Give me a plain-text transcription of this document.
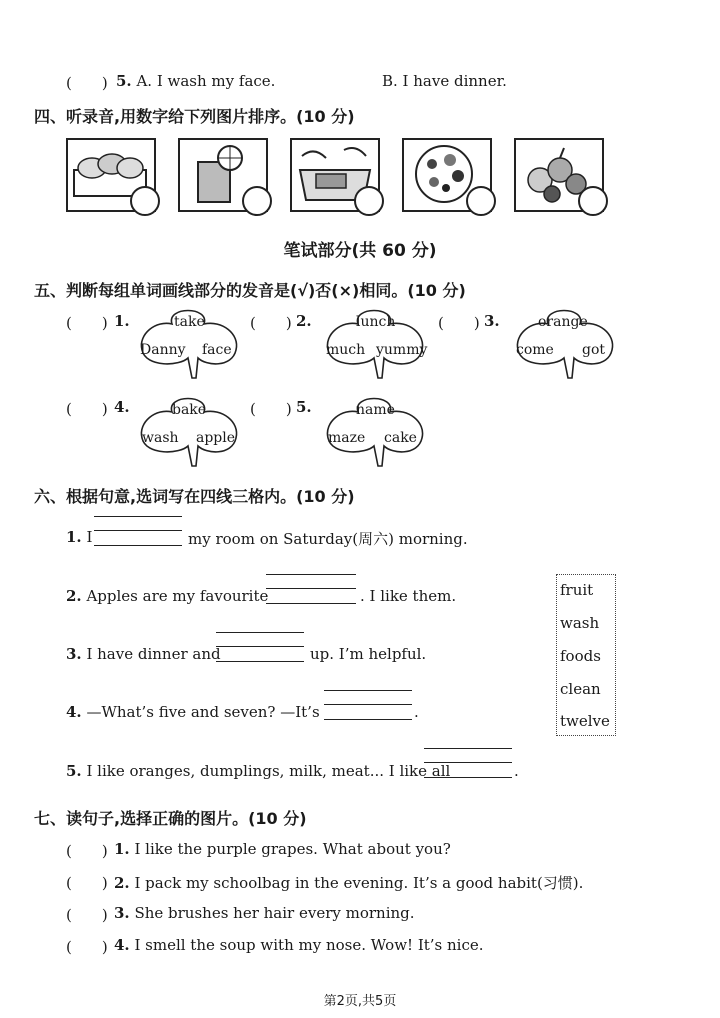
(　　) 5. A. I wash my face.	B. I have dinner.
四、听录音,用数字给下列图片排序。(10 分)
笔试部分(共 60 分)
五、判断每组单词画线部分的发音是(√)否(×)相同。(10 分)
(　　) 1.	take
Danny face
(　　) 2.	lunch
much yummy
(　　) 3.	orange
come got
(　　) 4.	bake
wash apple
(　　) 5.	name
maze cake
六、根据句意,选词写在四线三格内。(10 分)
1. I	my room on Saturday(周六) morning.
2. Apples are my favourite	. I like them.
3. I have dinner and	up. I’m helpful.
4. —What’s five and seven? —It’s	.
5. I like oranges, dumplings, milk, meat... I like all	.
fruit
wash
foods
clean
twelve
七、读句子,选择正确的图片。(10 分)
(　　) 1. I like the purple grapes. What about you?
(　　) 2. I pack my schoolbag in the evening. It’s a good habit(习惯).
(　　) 3. She brushes her hair every morning.
(　　) 4. I smell the soup with my nose. Wow! It’s nice.
第2页,共5页
